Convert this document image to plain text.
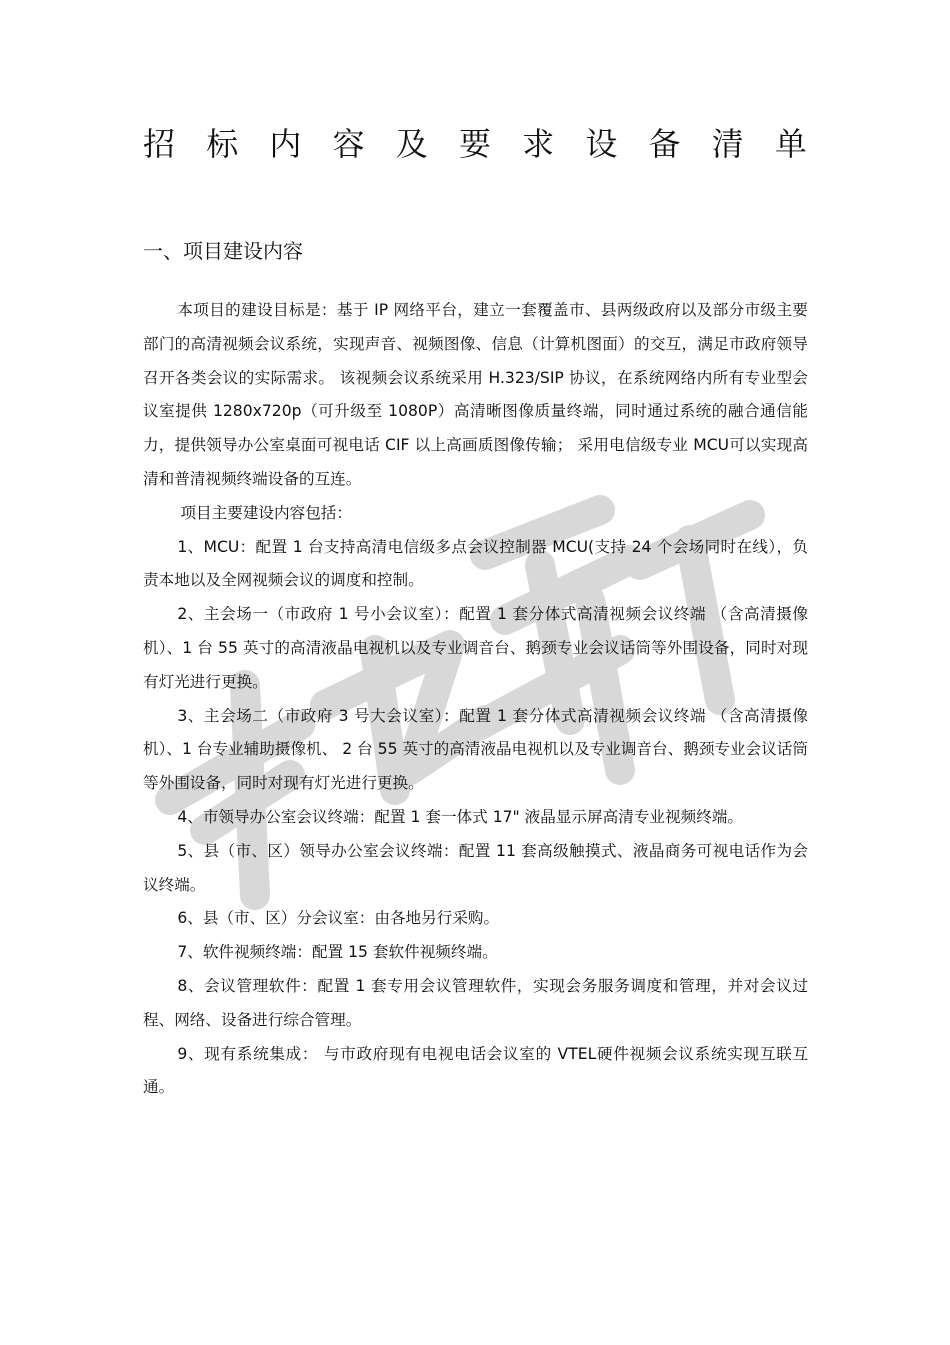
招 标 内 容 及 要 求 设 备 清 单
一、项目建设内容

本项目的建设目标是：基于 IP 网络平台，建立一套覆盖市、县两级政府以及部分市级主要部门的高清视频会议系统，实现声音、视频图像、信息（计算机图面）的交互，满足市政府领导召开各类会议的实际需求。 该视频会议系统采用 H.323/SIP 协议，在系统网络内所有专业型会议室提供 1280x720p（可升级至 1080P）高清晰图像质量终端，同时通过系统的融合通信能力，提供领导办公室桌面可视电话 CIF 以上高画质图像传输； 采用电信级专业 MCU可以实现高清和普清视频终端设备的互连。

项目主要建设内容包括：

1、MCU：配置 1 台支持高清电信级多点会议控制器 MCU(支持 24 个会场同时在线），负责本地以及全网视频会议的调度和控制。

2、主会场一（市政府 1 号小会议室）：配置 1 套分体式高清视频会议终端 （含高清摄像机）、1 台 55 英寸的高清液晶电视机以及专业调音台、鹅颈专业会议话筒等外围设备，同时对现有灯光进行更换。

3、主会场二（市政府 3 号大会议室）：配置 1 套分体式高清视频会议终端 （含高清摄像机）、1 台专业辅助摄像机、 2 台 55 英寸的高清液晶电视机以及专业调音台、鹅颈专业会议话筒等外围设备，同时对现有灯光进行更换。

4、市领导办公室会议终端：配置 1 套一体式 17" 液晶显示屏高清专业视频终端。

5、县（市、区）领导办公室会议终端：配置 11 套高级触摸式、液晶商务可视电话作为会议终端。

6、县（市、区）分会议室：由各地另行采购。

7、软件视频终端：配置 15 套软件视频终端。

8、会议管理软件：配置 1 套专用会议管理软件，实现会务服务调度和管理，并对会议过程、网络、设备进行综合管理。

9、现有系统集成： 与市政府现有电视电话会议室的 VTEL硬件视频会议系统实现互联互通。
